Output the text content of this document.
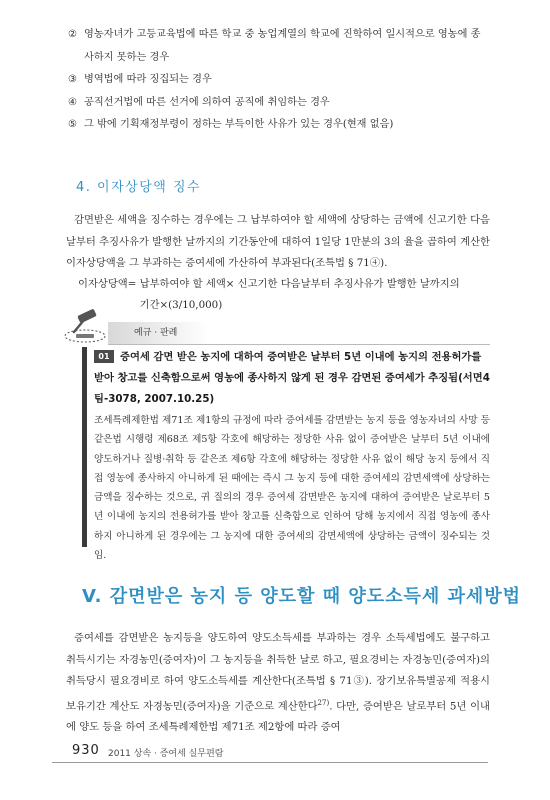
② 영농자녀가 고등교육법에 따른 학교 중 농업계열의 학교에 진학하여 일시적으로 영농에 종사하지 못하는 경우
③ 병역법에 따라 징집되는 경우
④ 공직선거법에 따른 선거에 의하여 공직에 취임하는 경우
⑤ 그 밖에 기획재정부령이 정하는 부득이한 사유가 있는 경우(현재 없음)
4. 이자상당액 징수

감면받은 세액을 징수하는 경우에는 그 납부하여야 할 세액에 상당하는 금액에 신고기한 다음날부터 추징사유가 발행한 날까지의 기간동안에 대하여 1일당 1만분의 3의 율을 곱하여 계산한 이자상당액을 그 부과하는 증여세에 가산하여 부과된다(조특법 § 71④).

이자상당액= 납부하여야 할 세액× 신고기한 다음날부터 추징사유가 발행한 날까지의
기간×(3/10,000)
예규 · 판례
01 증여세 감면 받은 농지에 대하여 증여받은 날부터 5년 이내에 농지의 전용허가를 받아 창고를 신축함으로써 영농에 종사하지 않게 된 경우 감면된 증여세가 추징됨(서면4팀-3078, 2007.10.25)
조세특례제한법 제71조 제1항의 규정에 따라 증여세를 감면받는 농지 등을 영농자녀의 사망 등 같은법 시행령 제68조 제5항 각호에 해당하는 정당한 사유 없이 증여받은 날부터 5년 이내에 양도하거나 질병·취학 등 같은조 제6항 각호에 해당하는 정당한 사유 없이 해당 농지 등에서 직접 영농에 종사하지 아니하게 된 때에는 즉시 그 농지 등에 대한 증여세의 감면세액에 상당하는 금액을 징수하는 것으로, 귀 질의의 경우 증여세 감면받은 농지에 대하여 증여받은 날로부터 5년 이내에 농지의 전용허가를 받아 창고를 신축함으로 인하여 당해 농지에서 직접 영농에 종사하지 아니하게 된 경우에는 그 농지에 대한 증여세의 감면세액에 상당하는 금액이 징수되는 것임.
V. 감면받은 농지 등 양도할 때 양도소득세 과세방법

증여세를 감면받은 농지등을 양도하여 양도소득세를 부과하는 경우 소득세법에도 불구하고 취득시기는 자경농민(증여자)이 그 농지등을 취득한 날로 하고, 필요경비는 자경농민(증여자)의 취득당시 필요경비로 하여 양도소득세를 계산한다(조특법 § 71③). 장기보유특별공제 적용시 보유기간 계산도 자경농민(증여자)을 기준으로 계산한다$^{27)}$. 다만, 증여받은 날로부터 5년 이내에 양도 등을 하여 조세특례제한법 제71조 제2항에 따라 증여

930 2011 상속 · 증여세 실무편람
